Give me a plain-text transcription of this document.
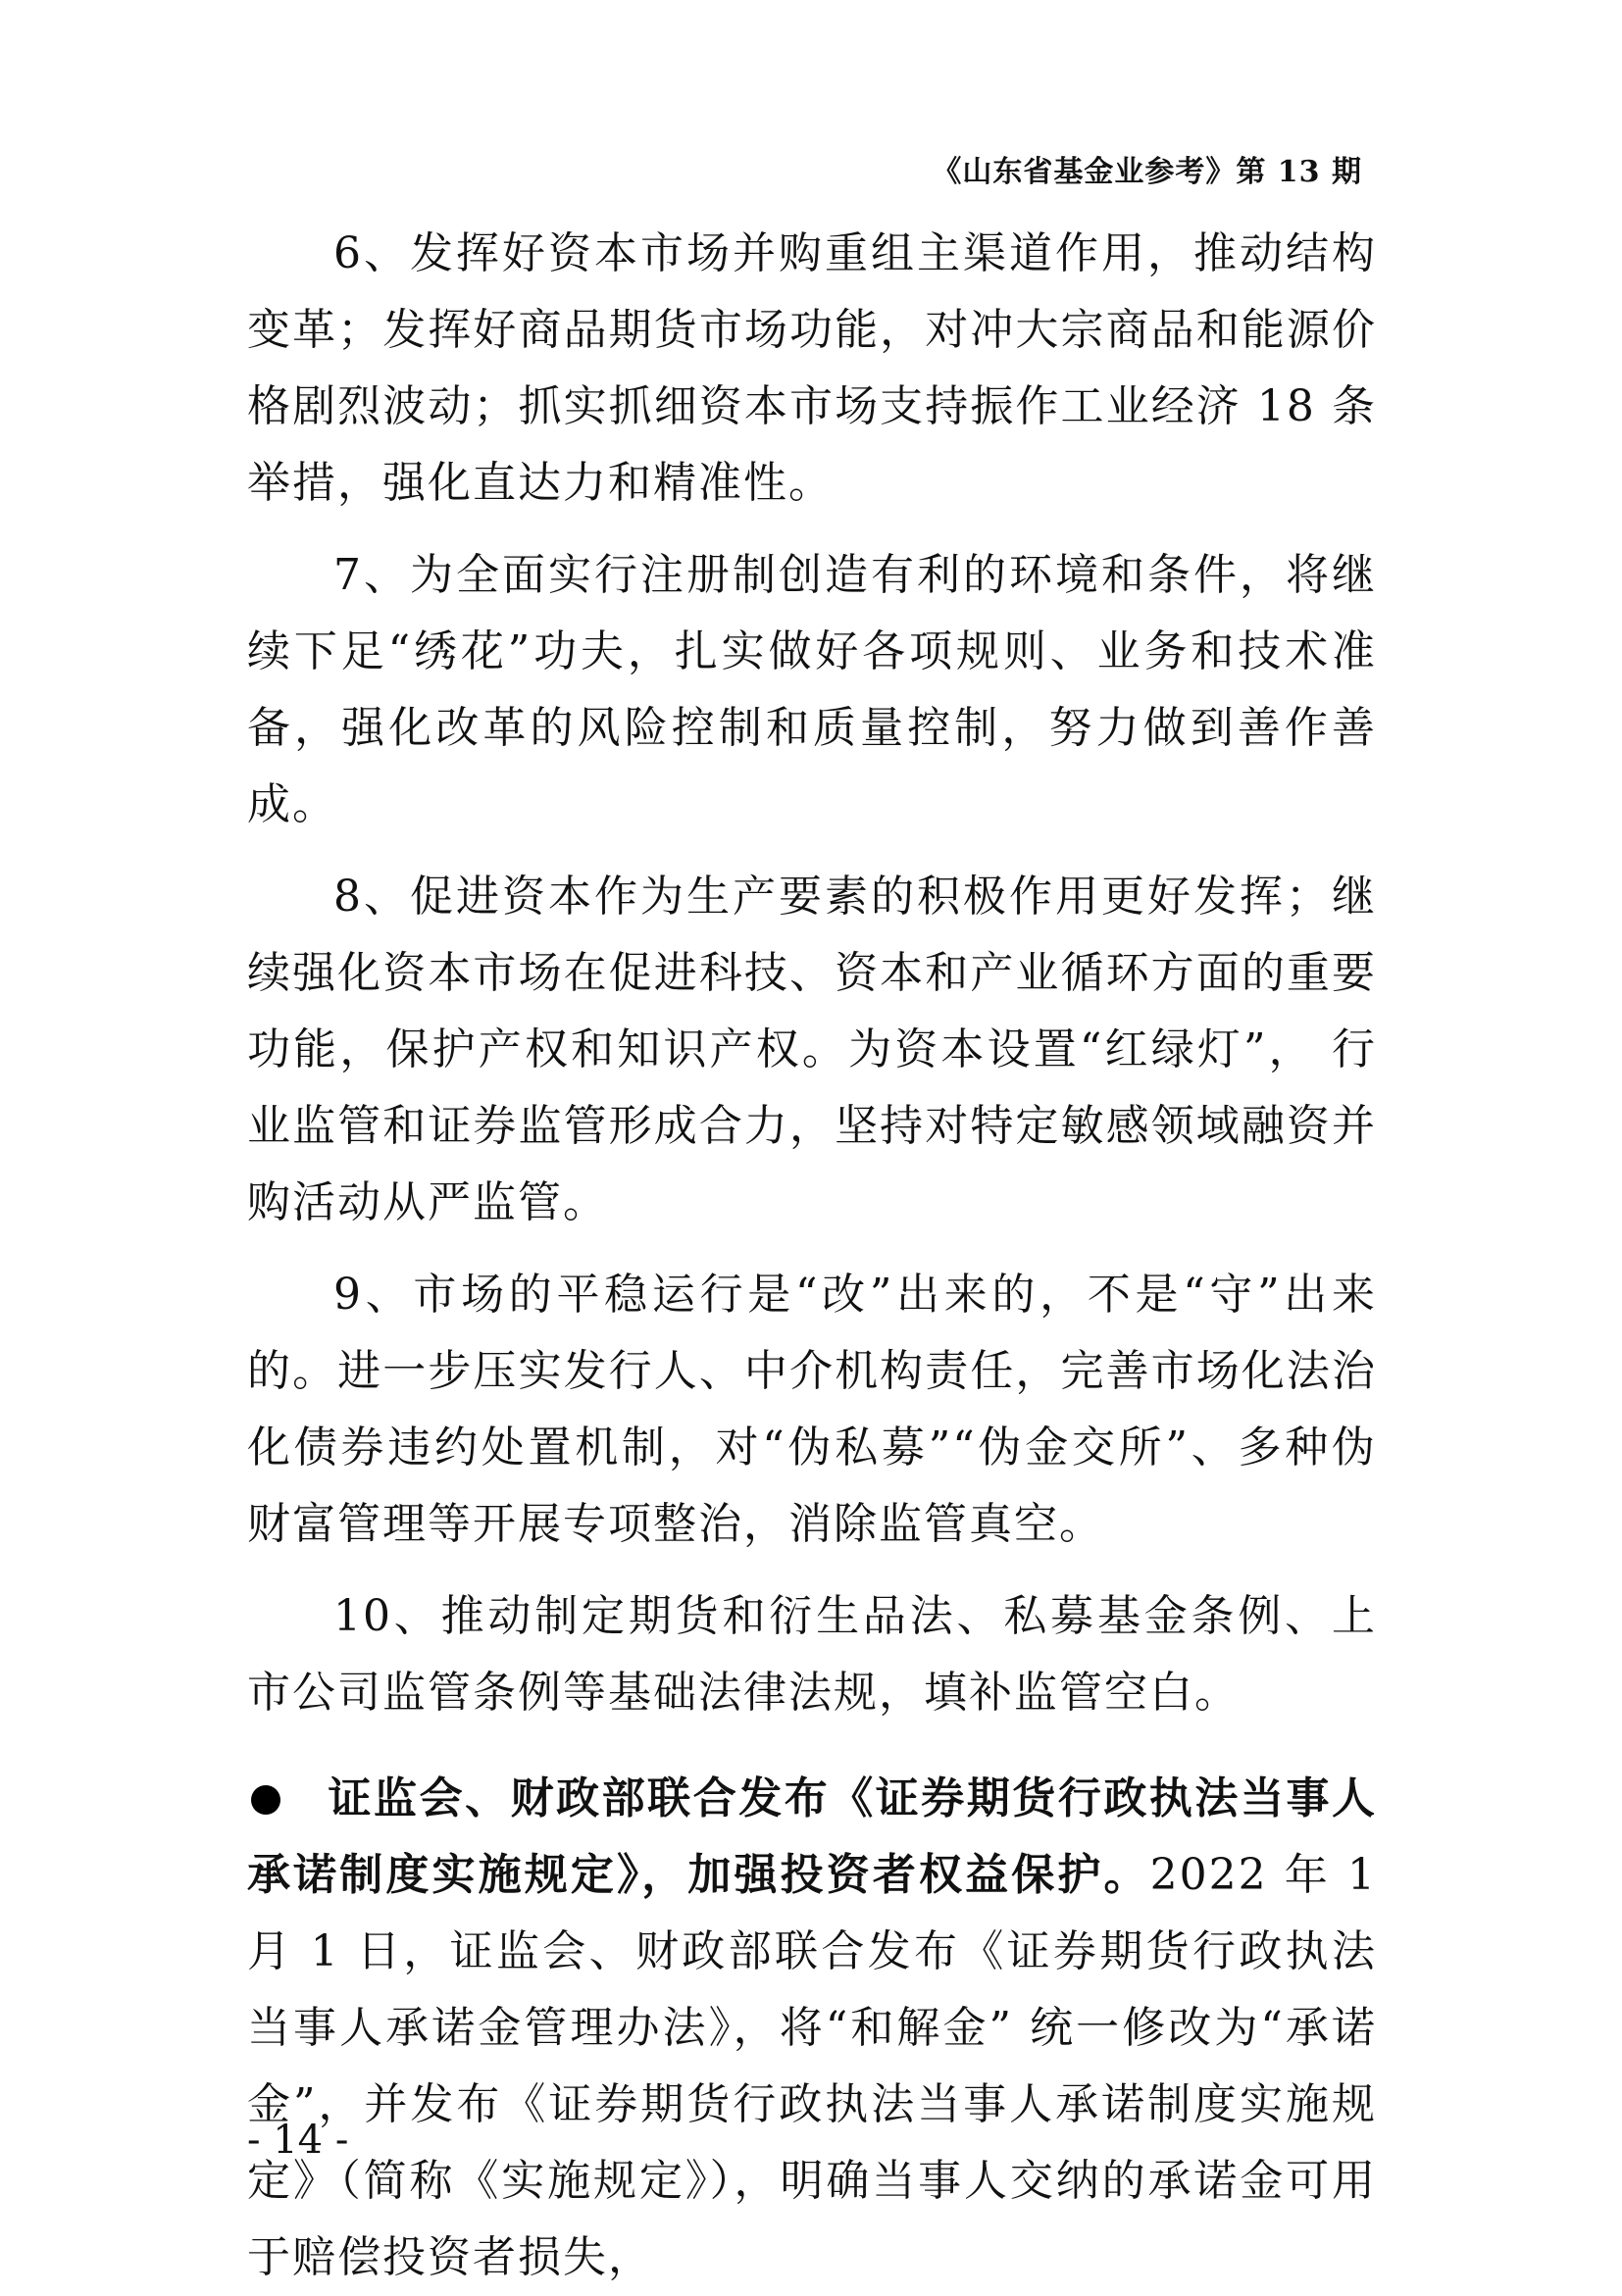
《山东省基金业参考》第 13 期

6、发挥好资本市场并购重组主渠道作用，推动结构变革；发挥好商品期货市场功能，对冲大宗商品和能源价格剧烈波动；抓实抓细资本市场支持振作工业经济 18 条举措，强化直达力和精准性。

7、为全面实行注册制创造有利的环境和条件，将继续下足“绣花”功夫，扎实做好各项规则、业务和技术准备，强化改革的风险控制和质量控制，努力做到善作善成。

8、促进资本作为生产要素的积极作用更好发挥；继续强化资本市场在促进科技、资本和产业循环方面的重要功能，保护产权和知识产权。为资本设置“红绿灯”， 行业监管和证券监管形成合力，坚持对特定敏感领域融资并购活动从严监管。

9、市场的平稳运行是“改”出来的，不是“守”出来的。进一步压实发行人、中介机构责任，完善市场化法治化债券违约处置机制，对“伪私募”“伪金交所”、多种伪财富管理等开展专项整治，消除监管真空。

10、推动制定期货和衍生品法、私募基金条例、上市公司监管条例等基础法律法规，填补监管空白。

证监会、财政部联合发布《证券期货行政执法当事人承诺制度实施规定》，加强投资者权益保护。2022 年 1 月 1 日，证监会、财政部联合发布《证券期货行政执法当事人承诺金管理办法》，将“和解金” 统一修改为“承诺金”，并发布《证券期货行政执法当事人承诺制度实施规定》（简称《实施规定》），明确当事人交纳的承诺金可用于赔偿投资者损失，

- 14 -
